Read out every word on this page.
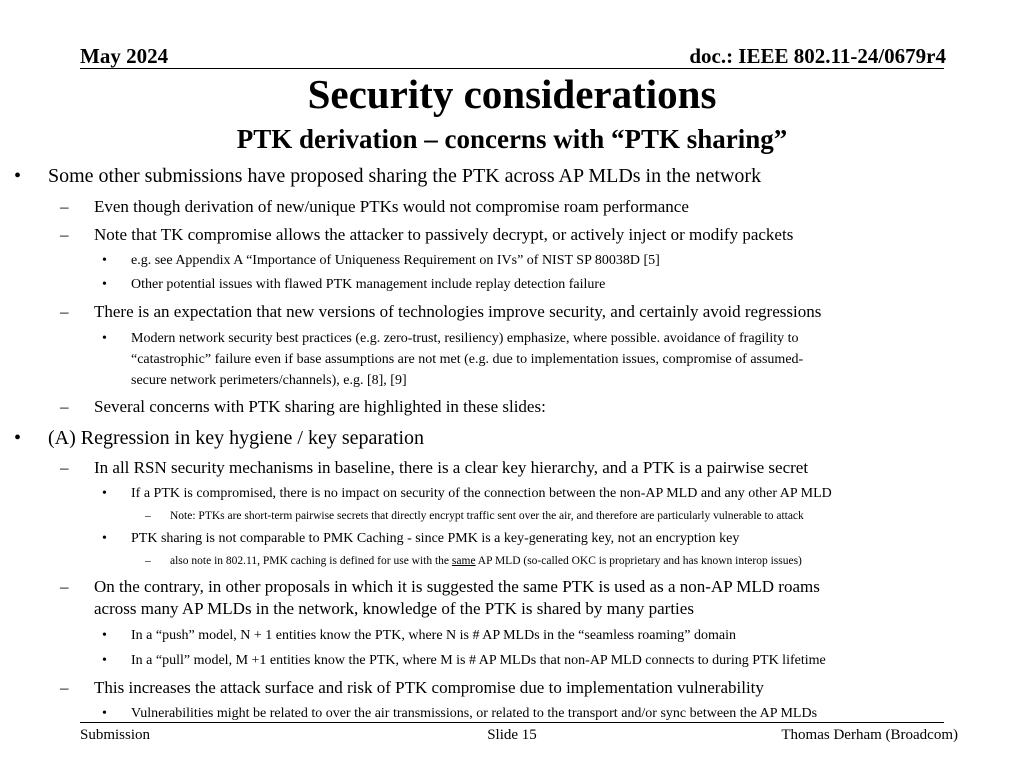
May 2024	doc.: IEEE 802.11-24/0679r4
Security considerations
PTK derivation – concerns with “PTK sharing”
• Some other submissions have proposed sharing the PTK across AP MLDs in the network
– Even though derivation of new/unique PTKs would not compromise roam performance
– Note that TK compromise allows the attacker to passively decrypt, or actively inject or modify packets
• e.g. see Appendix A “Importance of Uniqueness Requirement on IVs” of NIST SP 80038D [5]
• Other potential issues with flawed PTK management include replay detection failure
– There is an expectation that new versions of technologies improve security, and certainly avoid regressions
• Modern network security best practices (e.g. zero-trust, resiliency) emphasize, where possible. avoidance of fragility to
“catastrophic” failure even if base assumptions are not met (e.g. due to implementation issues, compromise of assumed-
secure network perimeters/channels), e.g. [8], [9]
– Several concerns with PTK sharing are highlighted in these slides:
• (A) Regression in key hygiene / key separation
– In all RSN security mechanisms in baseline, there is a clear key hierarchy, and a PTK is a pairwise secret
• If a PTK is compromised, there is no impact on security of the connection between the non-AP MLD and any other AP MLD
– Note: PTKs are short-term pairwise secrets that directly encrypt traffic sent over the air, and therefore are particularly vulnerable to attack
• PTK sharing is not comparable to PMK Caching - since PMK is a key-generating key, not an encryption key
– also note in 802.11, PMK caching is defined for use with the same AP MLD (so-called OKC is proprietary and has known interop issues)
– On the contrary, in other proposals in which it is suggested the same PTK is used as a non-AP MLD roams
across many AP MLDs in the network, knowledge of the PTK is shared by many parties
• In a “push” model, N + 1 entities know the PTK, where N is # AP MLDs in the “seamless roaming” domain
• In a “pull” model, M +1 entities know the PTK, where M is # AP MLDs that non-AP MLD connects to during PTK lifetime
– This increases the attack surface and risk of PTK compromise due to implementation vulnerability
• Vulnerabilities might be related to over the air transmissions, or related to the transport and/or sync between the AP MLDs
Submission	Slide 15	Thomas Derham (Broadcom)
